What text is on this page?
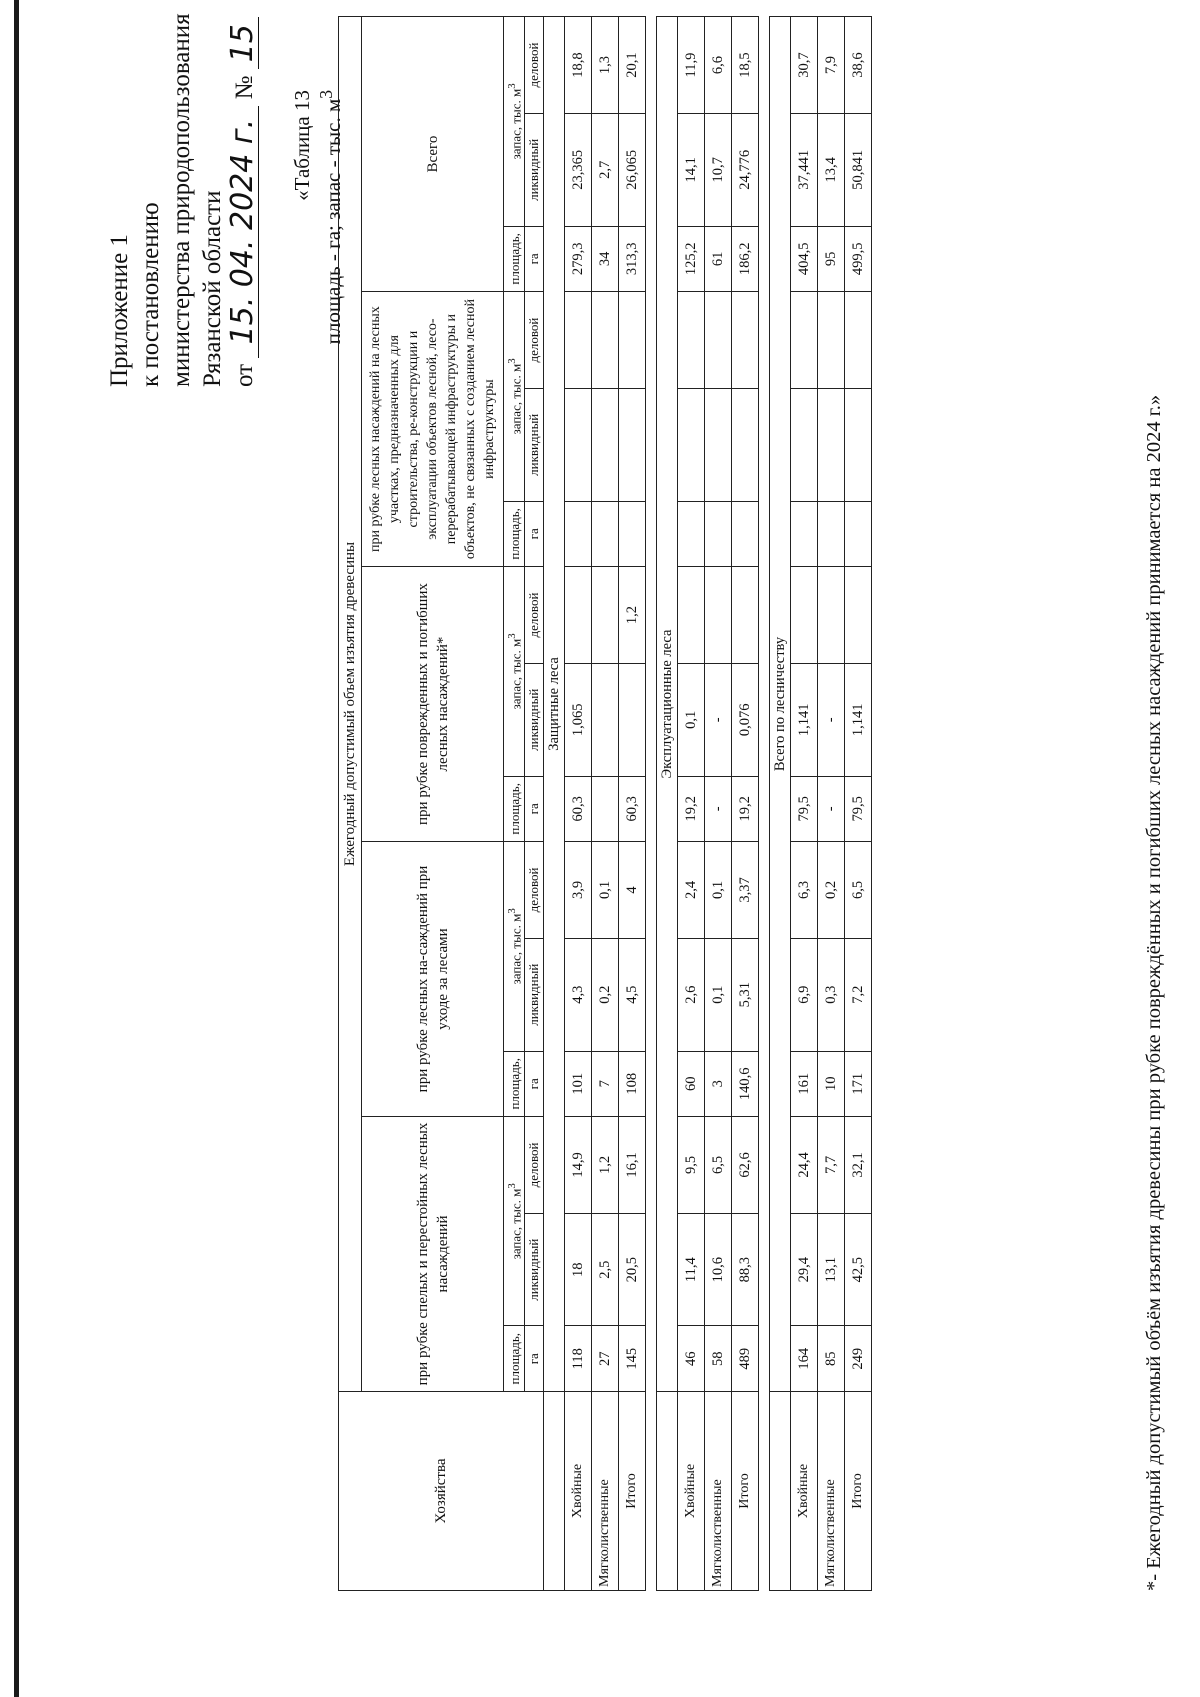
Приложение 1 к постановлению министерства природопользования Рязанской области от 15. 04. 2024 г. № 15
«Таблица 13 площадь - га; запас - тыс. $м^3$
Хозяйства	Ежегодный допустимый объем изъятия древесины														
	при рубке спелых и перестойных лесных насаждений			при рубке лесных на-саждений при уходе за лесами			при рубке поврежденных и погибших лесных насаждений*			при рубке лесных насаждений на лесных участках, предназначенных для строительства, ре-конструкции и эксплуатации объектов лесной, лесо-перерабатывающей инфраструктуры и объектов, не связанных с созданием лесной инфраструктуры			Всего		
	площадь,	запас, тыс. $м^3$		площадь,	запас, тыс. $м^3$		площадь,	запас, тыс. $м^3$		площадь,	запас, тыс. $м^3$		площадь,	запас, тыс. $м^3$
	га	ликвидный	деловой	га	ликвидный	деловой	га	ликвидный	деловой	га	ликвидный	деловой	га	ликвидный	деловой
	Защитные леса														
Хвойные	118	18	14,9	101	4,3	3,9	60,3	1,065					279,3	23,365	18,8
Мягколиственные	27	2,5	1,2	7	0,2	0,1							34	2,7	1,3
Итого	145	20,5	16,1	108	4,5	4	60,3		1,2				313,3	26,065	20,1

	Эксплуатационные леса														
Хвойные	46	11,4	9,5	60	2,6	2,4	19,2	0,1					125,2	14,1	11,9
Мягколиственные	58	10,6	6,5	3	0,1	0,1	-	-					61	10,7	6,6
Итого	489	88,3	62,6	140,6	5,31	3,37	19,2	0,076					186,2	24,776	18,5

	Всего по лесничеству														
Хвойные	164	29,4	24,4	161	6,9	6,3	79,5	1,141					404,5	37,441	30,7
Мягколиственные	85	13,1	7,7	10	0,3	0,2	-	-					95	13,4	7,9
Итого	249	42,5	32,1	171	7,2	6,5	79,5	1,141					499,5	50,841	38,6
*- Ежегодный допустимый объём изъятия древесины при рубке повреждённых и погибших лесных насаждений принимается на 2024 г.»
